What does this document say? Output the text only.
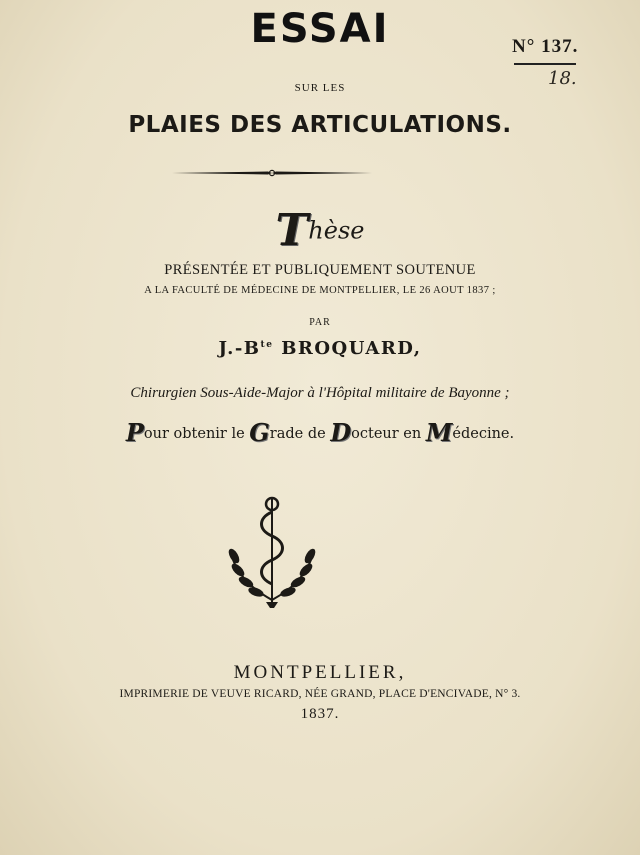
ESSAI	N° 137.
18.
SUR LES
PLAIES DES ARTICULATIONS.
Thèse
PRÉSENTÉE ET PUBLIQUEMENT SOUTENUE
A LA FACULTÉ DE MÉDECINE DE MONTPELLIER, LE 26 AOUT 1837 ;
PAR
$J.-B^{te}$ BROQUARD,
Chirurgien Sous-Aide-Major à l'Hôpital militaire de Bayonne ;
Pour obtenir le Grade de Docteur en Médecine.
MONTPELLIER,
IMPRIMERIE DE VEUVE RICARD, NÉE GRAND, PLACE D'ENCIVADE, N° 3.
1837.
